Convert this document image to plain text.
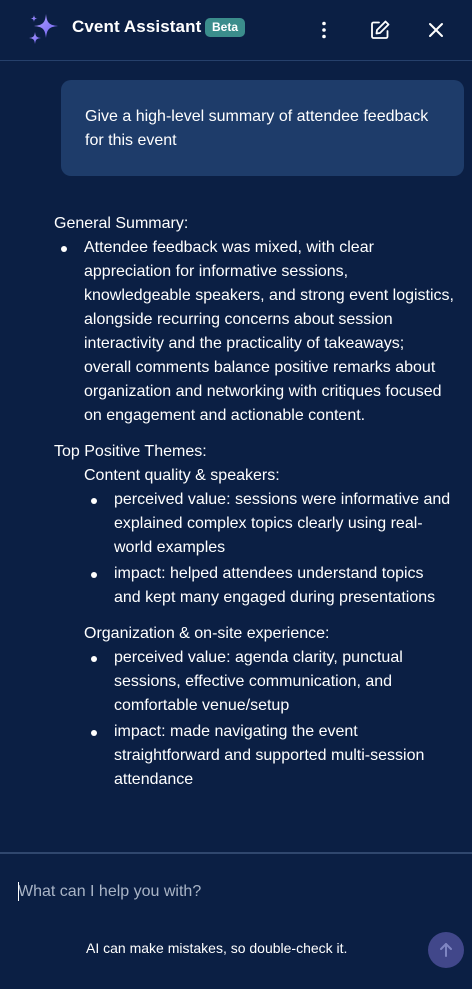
Cvent Assistant Beta
Give a high-level summary of attendee feedback for this event

General Summary:

Attendee feedback was mixed, with clear appreciation for informative sessions, knowledgeable speakers, and strong event logistics, alongside recurring concerns about session interactivity and the practicality of takeaways; overall comments balance positive remarks about organization and networking with critiques focused on engagement and actionable content.

Top Positive Themes:

Content quality & speakers:

perceived value: sessions were informative and explained complex topics clearly using real-world examples
impact: helped attendees understand topics and kept many engaged during presentations

Organization & on-site experience:

perceived value: agenda clarity, punctual sessions, effective communication, and comfortable venue/setup
impact: made navigating the event straightforward and supported multi-session attendance
What can I help you with?
AI can make mistakes, so double-check it.
